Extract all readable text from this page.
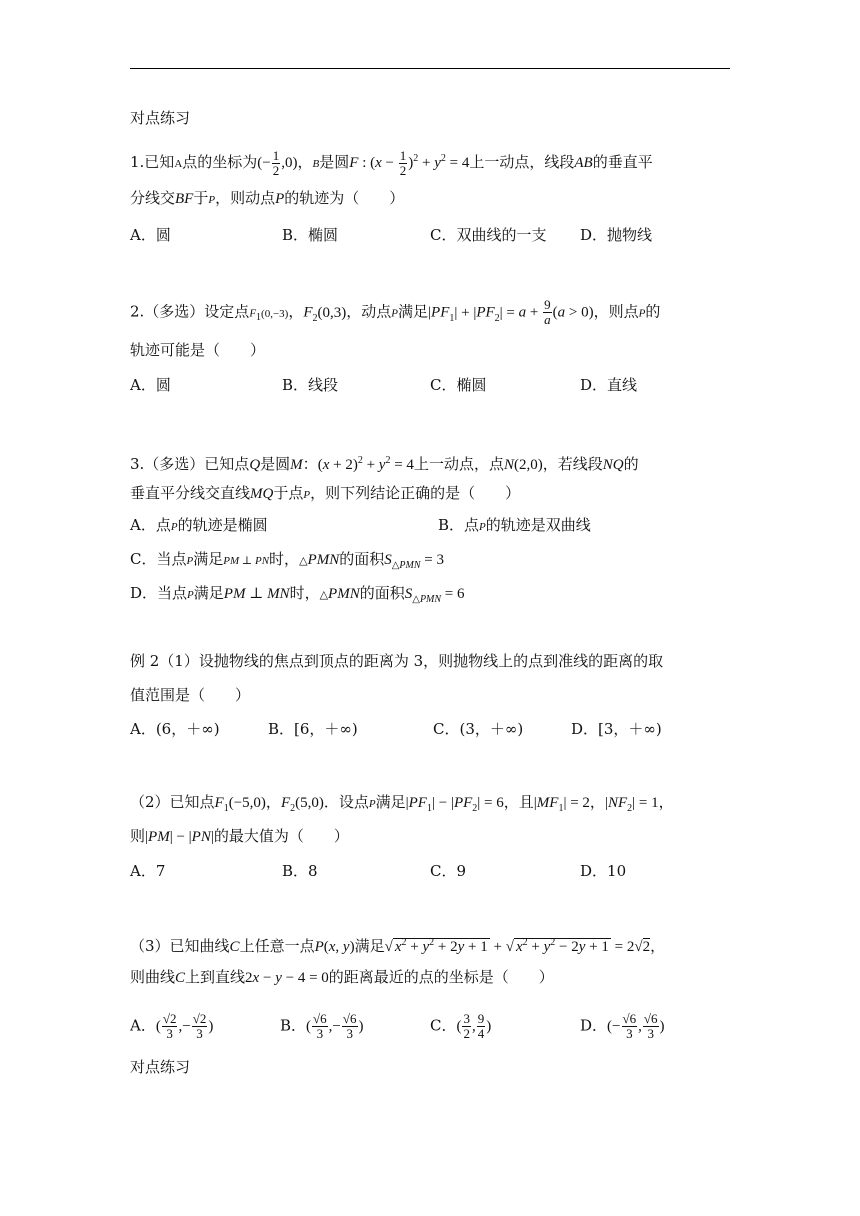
对点练习
1.已知A点的坐标为(− $\frac{1}{2} ,0$)，B是圆F : $(x - \frac{1}{2} )^2 + y^2 = 4$上一动点，线段AB的垂直平
分线交BF于P，则动点P的轨迹为（　　）
A．圆	B．椭圆	C．双曲线的一支 D．抛物线
2.（多选）设定点$F_1(0,-3)$，$F_2(0,3)$，动点P满足$|PF_1| + |PF_2| = a + \frac{9}{a} (a > 0)$，则点P的
轨迹可能是（　　）
A．圆	B．线段	C．椭圆	D．直线
3.（多选）已知点Q是圆M：$(x + 2)^2 + y^2 = 4$上一动点，点N(2,0)，若线段NQ的
垂直平分线交直线MQ于点P，则下列结论正确的是（　　）
A．点P的轨迹是椭圆	B．点P的轨迹是双曲线
C．当点P满足PM ⊥ PN时，△PMN的面积$S_{\triangle PMN} = 3$
D．当点P满足PM ⊥ MN时，△PMN的面积$S_{\triangle PMN} = 6$
例 2（1）设抛物线的焦点到顶点的距离为 3，则抛物线上的点到准线的距离的取
值范围是（　　）
A．(6，＋∞)	B．[6，＋∞)	C．(3，＋∞)	D．[3，＋∞)
（2）已知点$F_1(-5,0)$，$F_2(5,0)$．设点P满足$|PF_1| - |PF_2| = 6$，且$|MF_1| = 2$，$|NF_2| = 1$，
则|PM| − |PN|的最大值为（　　）
A．7	B．8	C．9	D．10
（3）已知曲线C上任意一点P(x, y)满足√ $x^2 + y^2 + 2y + 1$ + √ $x^2 + y^2 - 2y + 1 = 2√2$，
则曲线C上到直线2x − y − 4 = 0的距离最近的点的坐标是（　　）
A．( $\frac{√2}{3}$ ,− $\frac{√2}{3}$ )	B．( $\frac{√6}{3}$ ,− $\frac{√6}{3}$ )	C．( $\frac{3}{2}$ , $\frac{9}{4}$ )	D．(− $\frac{√6}{3}$ , $\frac{√6}{3}$ )
对点练习
